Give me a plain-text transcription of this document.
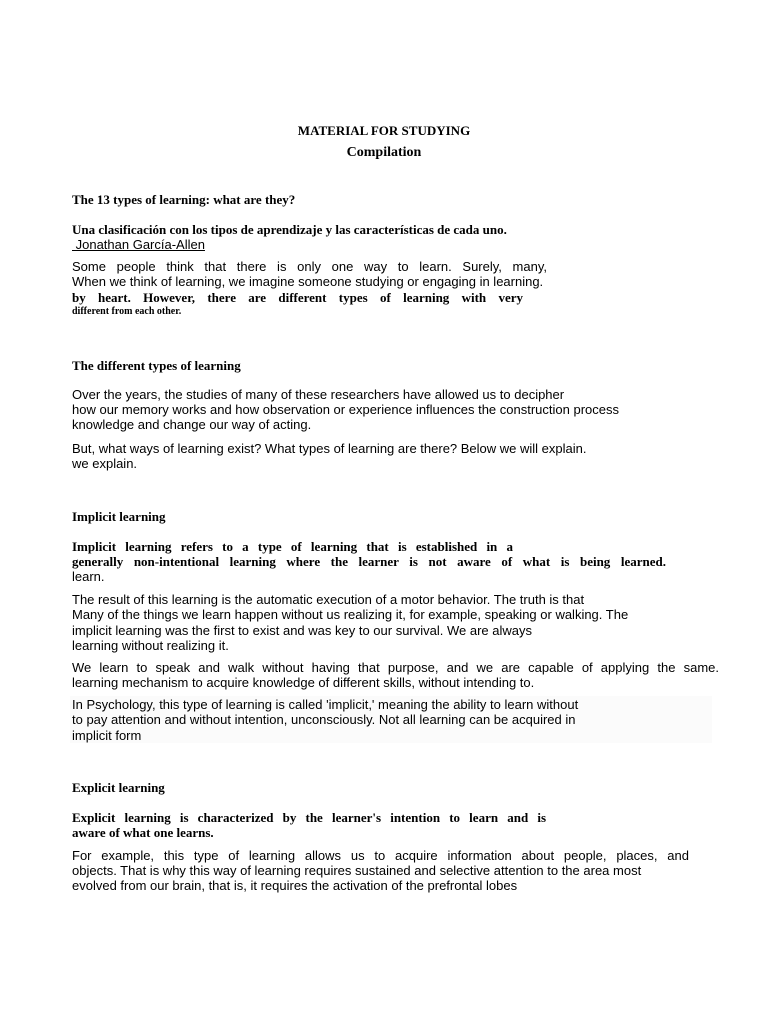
MATERIAL FOR STUDYING
Compilation
The 13 types of learning: what are they?
Una clasificación con los tipos de aprendizaje y las características de cada uno.
Jonathan García-Allen
Some people think that there is only one way to learn. Surely, many,
When we think of learning, we imagine someone studying or engaging in learning.
by heart. However, there are different types of learning with very
different from each other.
The different types of learning
Over the years, the studies of many of these researchers have allowed us to decipher
how our memory works and how observation or experience influences the construction process
knowledge and change our way of acting.
But, what ways of learning exist? What types of learning are there? Below we will explain.
we explain.
Implicit learning
Implicit learning refers to a type of learning that is established in a
generally non-intentional learning where the learner is not aware of what is being learned.
learn.
The result of this learning is the automatic execution of a motor behavior. The truth is that
Many of the things we learn happen without us realizing it, for example, speaking or walking. The
implicit learning was the first to exist and was key to our survival. We are always
learning without realizing it.
We learn to speak and walk without having that purpose, and we are capable of applying the same.
learning mechanism to acquire knowledge of different skills, without intending to.
In Psychology, this type of learning is called 'implicit,' meaning the ability to learn without
to pay attention and without intention, unconsciously. Not all learning can be acquired in
implicit form
Explicit learning
Explicit learning is characterized by the learner's intention to learn and is
aware of what one learns.
For example, this type of learning allows us to acquire information about people, places, and
objects. That is why this way of learning requires sustained and selective attention to the area most
evolved from our brain, that is, it requires the activation of the prefrontal lobes
